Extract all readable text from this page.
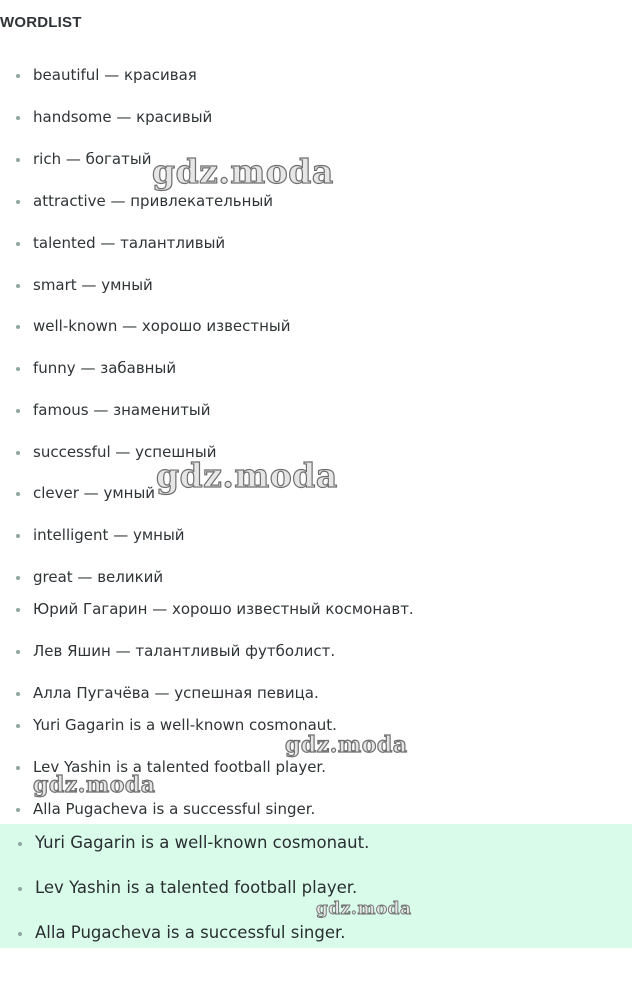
WORDLIST
beautiful — красивая
handsome — красивый
rich — богатый
attractive — привлекательный
talented — талантливый
smart — умный
well-known — хорошо известный
funny — забавный
famous — знаменитый
successful — успешный
clever — умный
intelligent — умный
great — великий
Юрий Гагарин — хорошо известный космонавт.
Лев Яшин — талантливый футболист.
Алла Пугачёва — успешная певица.
Yuri Gagarin is a well-known cosmonaut.
Lev Yashin is a talented football player.
Alla Pugacheva is a successful singer.
Yuri Gagarin is a well-known cosmonaut.
Lev Yashin is a talented football player.
Alla Pugacheva is a successful singer.
gdz.moda
gdz.moda
gdz.moda
gdz.moda
gdz.moda
